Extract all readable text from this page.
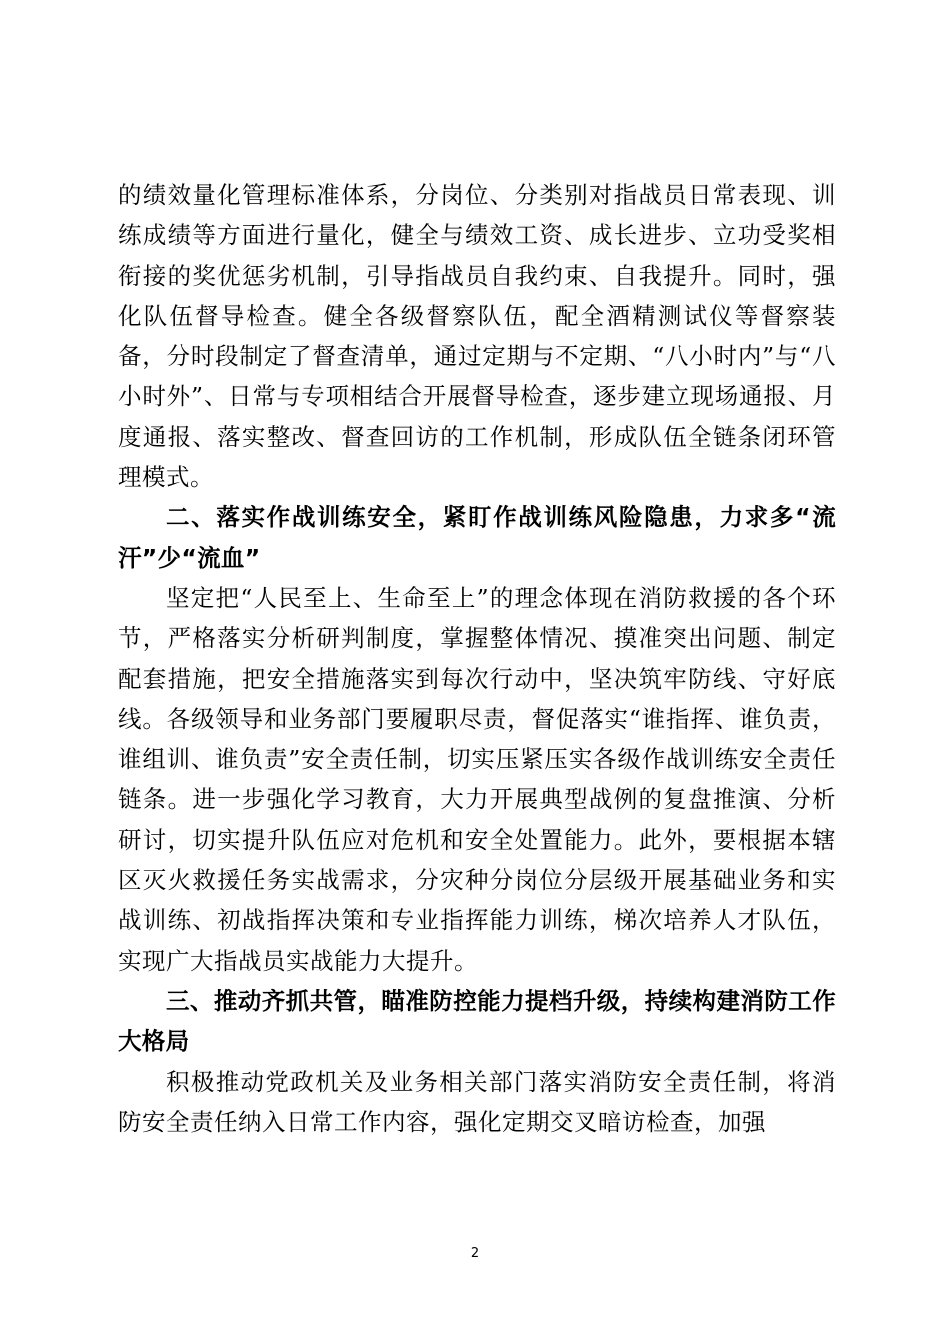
的绩效量化管理标准体系，分岗位、分类别对指战员日常表现、训练成绩等方面进行量化，健全与绩效工资、成长进步、立功受奖相衔接的奖优惩劣机制，引导指战员自我约束、自我提升。同时，强化队伍督导检查。健全各级督察队伍，配全酒精测试仪等督察装备，分时段制定了督查清单，通过定期与不定期、“八小时内”与“八小时外”、日常与专项相结合开展督导检查，逐步建立现场通报、月度通报、落实整改、督查回访的工作机制，形成队伍全链条闭环管理模式。

二、落实作战训练安全，紧盯作战训练风险隐患，力求多“流汗”少“流血”

坚定把“人民至上、生命至上”的理念体现在消防救援的各个环节，严格落实分析研判制度，掌握整体情况、摸准突出问题、制定配套措施，把安全措施落实到每次行动中，坚决筑牢防线、守好底线。各级领导和业务部门要履职尽责，督促落实“谁指挥、谁负责，谁组训、谁负责”安全责任制，切实压紧压实各级作战训练安全责任链条。进一步强化学习教育，大力开展典型战例的复盘推演、分析研讨，切实提升队伍应对危机和安全处置能力。此外，要根据本辖区灭火救援任务实战需求，分灾种分岗位分层级开展基础业务和实战训练、初战指挥决策和专业指挥能力训练，梯次培养人才队伍，实现广大指战员实战能力大提升。

三、推动齐抓共管，瞄准防控能力提档升级，持续构建消防工作大格局

积极推动党政机关及业务相关部门落实消防安全责任制，将消防安全责任纳入日常工作内容，强化定期交叉暗访检查，加强

2
